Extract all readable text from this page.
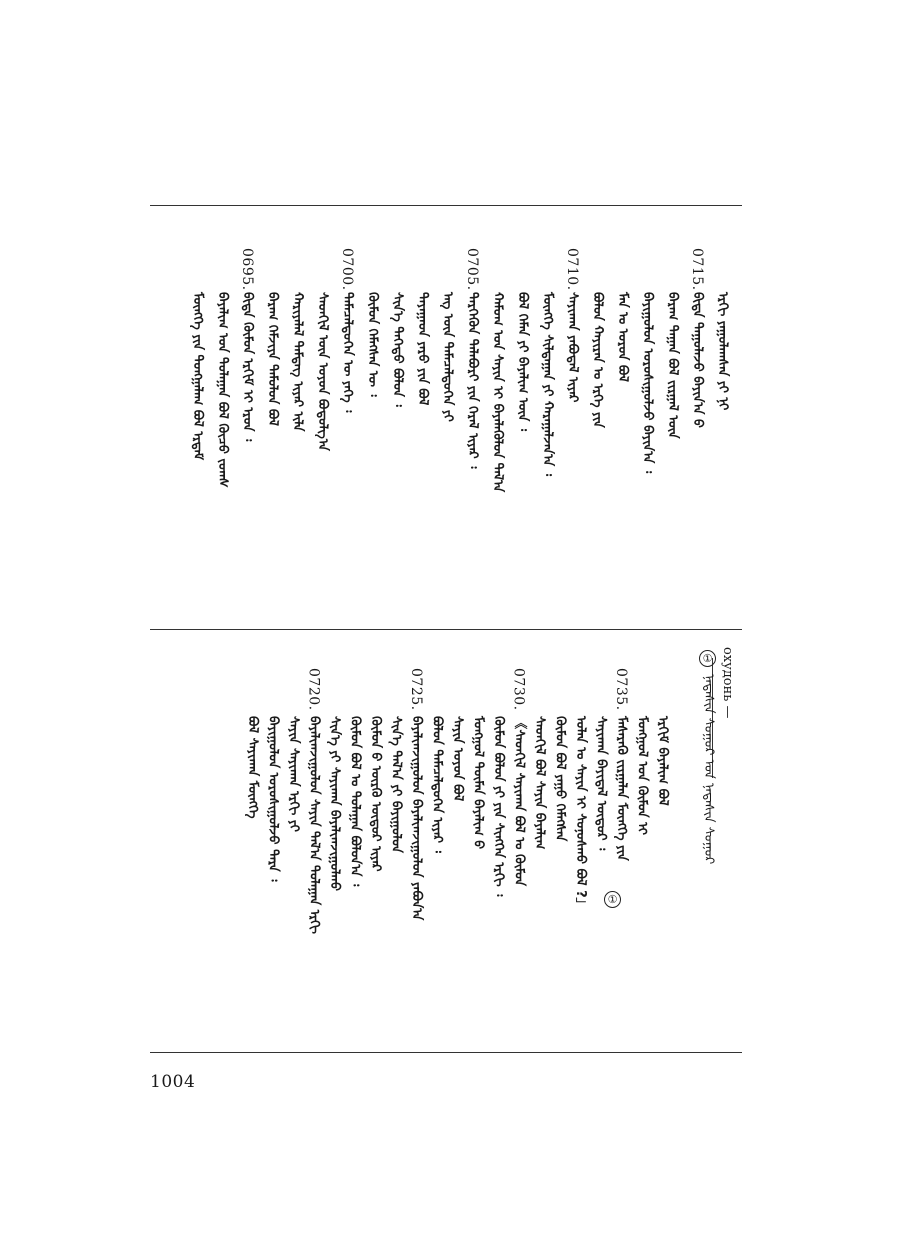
ᠡᠷᠬᠢ ᠶᠠᠭᠤᠯᠠᠭᠰᠠᠨ ᠶᠢ ᠨᠢ
0715.
ᠪᠢᠳᠡ ᠳᠠᠭᠤᠯᠠᠵᠤ ᠪᠠᠶᠢᠨ᠎ᠠ ᠪ
ᠪᠠᠷᠠᠭ ᠳᠠᠭᠠᠨ ᠪᠣᠯ ᠵᠢᠷᠭᠠᠯ ᠦᠨ
ᠪᠠᠶᠢᠭᠤᠯᠤᠨ ᠣᠷᠤᠰᠢᠭᠤᠯᠵᠤ ᠪᠠᠶᠢᠨ᠎ᠠ ᠄
ᠮᠠᠨ ᠤ ᠣᠷᠣᠨ ᠪᠣᠯ
ᠪᠣᠯᠤᠨ ᠬᠠᠶᠢᠷᠠᠨ ᠤ ᠡᠷᠬᠡ ᠶᠢᠨ
0710.
ᠰᠠᠶᠢᠬᠠᠨ ᠶᠠᠪᠤᠳᠠᠯ ᠢᠶᠠᠷ
ᠮᠥᠩᠭᠡ ᠰᠢᠯᠲᠠᠭᠠᠨ ᠶᠢ ᠬᠠᠷᠠᠭᠠᠯᠵᠠᠨ᠎ᠠ ᠄
ᠪᠣᠯ ᠬᠡᠮᠡᠨ ᠶᠢ ᠪᠠᠶᠠᠯᠢᠭ ᠦᠨ ᠄
ᠬᠠᠮᠤᠭ ᠤᠨ ᠰᠠᠶᠢᠨ ᠢ ᠪᠡᠶᠡᠯᠡᠭᠦᠯᠦᠨ ᠲᠠᠯ᠎ᠠ
0705.
ᠲᠡᠷᠭᠡᠭᠦᠨ ᠲᠠᠯᠠᠪᠤᠷᠢ ᠶᠢᠨ ᠭᠡᠷᠡᠯ ᠢᠶᠡᠷ ᠄
ᠡᠩ ᠦᠨ ᠲᠡᠮᠡᠴᠡᠯᠳᠦᠭᠡᠨ ᠶᠢ
ᠳᠠᠶᠠᠭᠠᠳ ᠶᠡᠷᠦ ᠶᠢᠨ ᠪᠣᠯ
ᠰᠢᠨ᠎ᠡ ᠳᠡᠭᠡᠳᠦ ᠪᠣᠯᠤᠨ ᠄
ᠬᠦᠮᠦᠨ ᠬᠡᠮᠡᠭᠰᠡᠨ ᠦ ᠄
0700.
ᠲᠡᠮᠡᠴᠡᠯᠳᠦᠭᠡᠨ ᠦ ᠶᠡᠬᠡ ᠄
ᠰᠡᠳᠬᠢᠯ ᠦᠨ ᠣᠶᠤᠨ ᠪᠣᠳᠤᠯᠭ᠎ᠠ
ᠬᠠᠷᠢᠶᠠᠯᠠᠯ ᠲᠡᠮᠳᠡᠭ ᠢᠶᠡᠷ ᠢᠯᠡ
ᠪᠠᠷᠠᠭ ᠬᠡᠮᠵᠢᠶᠡ ᠲᠡᠮᠦᠯᠦᠨ ᠪᠣᠯ
0695.
ᠪᠢᠳᠡ ᠬᠦᠮᠦᠨ ᠡᠷᠬᠢᠮ ᠢ ᠡᠷᠦᠨ ᠄
ᠪᠠᠶᠠᠯᠢᠭ ᠤᠨ ᠳᠤᠯᠠᠭᠠᠨ ᠪᠣᠯ ᠬᠦᠴᠦ ᠵᠣᠭᠰ
ᠮᠥᠩᠬᠡ ᠶᠢᠨ ᠲᠤᠩᠭᠠᠯᠠᠭ ᠪᠣᠯ ᠡᠷᠳᠡᠮ
ᠡᠷᠬᠢᠮ ᠪᠠᠶᠠᠯᠢᠭ ᠪᠣᠯ
ᠮᠣᠩᠭᠣᠯ ᠤᠨ ᠬᠦᠮᠦᠨ ᠢ
0735.
ᠮᠡᠰᠡᠷᠡᠭᠦ ᠵᠢᠷᠭᠠᠯᠠᠨ ᠮᠥᠩᠭᠡ ᠶᠢᠨ
ᠰᠠᠶᠢᠬᠠᠨ ᠪᠠᠶᠢᠳᠠᠯ ᠦᠳᠦᠷ ᠄
ᠣᠯᠠᠨ ᠤ ᠰᠠᠶᠢᠨ ᠢ ᠰᠣᠨᠤᠰᠬᠤ ᠪᠣᠯ ?」
ᠬᠦᠮᠦᠨ ᠪᠣᠯ ᠶᠠᠭᠤ ᠬᠡᠮᠡᠭᠰᠡᠨ
ᠰᠡᠳᠬᠢᠯ ᠪᠣᠯ ᠰᠠᠶᠢᠨ ᠪᠠᠶᠠᠯᠢᠭ
0730.
《ᠰᠡᠳᠬᠢᠯ ᠰᠠᠶᠢᠬᠠᠨ ᠪᠣᠯ ᠤ ᠬᠦᠮᠦᠨ
ᠬᠦᠮᠦᠨ ᠪᠣᠯᠤᠨ ᠶᠢ ᠶᠢᠨ ᠰᠢᠩᠭᠡᠨ ᠡᠷᠬᠢ ᠄
ᠮᠣᠩᠭᠣᠯ ᠲᠦᠮᠡᠨ ᠪᠠᠶᠠᠯᠢᠭ ᠪ
ᠰᠠᠶᠢᠨ ᠣᠶᠤᠨ ᠪᠣᠯ
ᠪᠣᠯᠤᠨ ᠲᠡᠮᠡᠴᠡᠯᠳᠦᠭᠡᠨ ᠢᠶᠡᠷ ᠄
0725.
ᠪᠠᠶᠠᠯᠢᠭᠵᠢᠭᠤᠯᠤᠨ ᠪᠠᠶᠠᠯᠢᠭᠵᠢᠭᠤᠯᠤᠨ ᠶᠠᠪᠤᠨ᠎ᠠ
ᠰᠢᠨ᠎ᠡ ᠲᠠᠯ᠎ᠠ ᠶᠢ ᠪᠠᠶᠢᠭᠤᠯᠤᠨ
ᠬᠦᠮᠦᠨ ᠪ ᠦᠷᠬᠦ ᠦᠳᠦᠷ ᠢᠶᠡᠷ
ᠬᠦᠮᠦᠨ ᠪᠣᠯ ᠤ ᠳᠤᠯᠠᠭᠠᠨ ᠪᠣᠯᠤᠨ᠎ᠠ ᠄
ᠰᠢᠨ᠎ᠡ ᠶᠢ ᠰᠠᠶᠢᠬᠠᠨ ᠪᠠᠶᠠᠯᠢᠭᠵᠢᠭᠤᠯᠬᠤ
0720.
ᠪᠠᠶᠠᠯᠢᠭᠵᠢᠭᠤᠯᠤᠨ ᠰᠠᠶᠢᠨ ᠲᠠᠯ᠎ᠠ ᠳᠤᠯᠠᠭᠠᠨ ᠡᠷᠬᠢ
ᠰᠠᠶᠢᠨ ᠰᠠᠶᠢᠬᠠᠨ ᠡᠷᠬᠢ ᠶᠢ
ᠪᠠᠶᠢᠭᠤᠯᠤᠨ ᠣᠷᠤᠰᠢᠭᠤᠯᠵᠤ ᠲᠡᠷᠡ ᠄
ᠪᠣᠯ ᠰᠠᠶᠢᠬᠠᠨ ᠮᠥᠩᠭᠡ
охудонь —
①
ᠨᠠᠳᠠᠰᠢᠨ ᠰᠣᠭᠤᠷ ᠤᠨ ᠨᠠᠳᠠᠰᠢᠨ ᠰᠣᠭᠤᠷ
①
1004
